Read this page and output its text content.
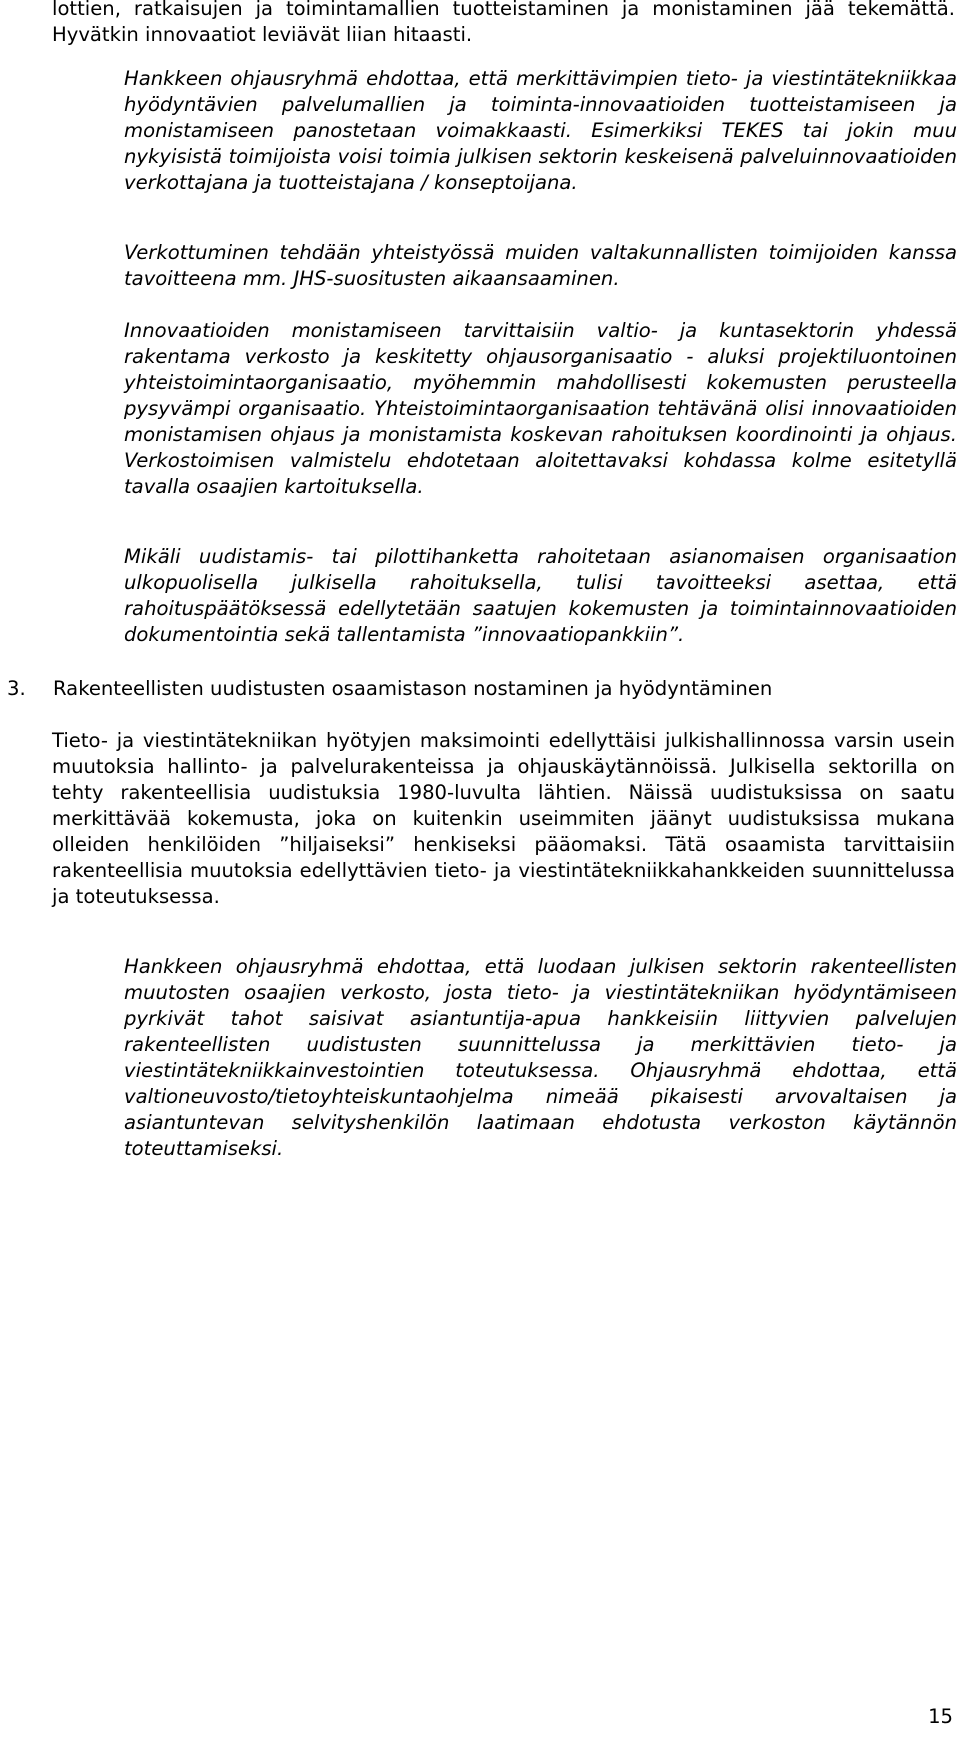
lottien, ratkaisujen ja toimintamallien tuotteistaminen ja monistaminen jää tekemättä. Hyvätkin innovaatiot leviävät liian hitaasti.

Hankkeen ohjausryhmä ehdottaa, että merkittävimpien tieto- ja viestintätekniikkaa hyödyntävien palvelumallien ja toiminta-innovaatioiden tuotteistamiseen ja monistamiseen panostetaan voimakkaasti. Esimerkiksi TEKES tai jokin muu nykyisistä toimijoista voisi toimia julkisen sektorin keskeisenä palveluinnovaatioiden verkottajana ja tuotteistajana / konseptoijana.

Verkottuminen tehdään yhteistyössä muiden valtakunnallisten toimijoiden kanssa tavoitteena mm. JHS-suositusten aikaansaaminen.

Innovaatioiden monistamiseen tarvittaisiin valtio- ja kuntasektorin yhdessä rakentama verkosto ja keskitetty ohjausorganisaatio - aluksi projektiluontoinen yhteistoimintaorganisaatio, myöhemmin mahdollisesti kokemusten perusteella pysyvämpi organisaatio. Yhteistoimintaorganisaation tehtävänä olisi innovaatioiden monistamisen ohjaus ja monistamista koskevan rahoituksen koordinointi ja ohjaus. Verkostoimisen valmistelu ehdotetaan aloitettavaksi kohdassa kolme esitetyllä tavalla osaajien kartoituksella.

Mikäli uudistamis- tai pilottihanketta rahoitetaan asianomaisen organisaation ulkopuolisella julkisella rahoituksella, tulisi tavoitteeksi asettaa, että rahoituspäätöksessä edellytetään saatujen kokemusten ja toimintainnovaatioiden dokumentointia sekä tallentamista ”innovaatiopankkiin”.

3. Rakenteellisten uudistusten osaamistason nostaminen ja hyödyntäminen

Tieto- ja viestintätekniikan hyötyjen maksimointi edellyttäisi julkishallinnossa varsin usein muutoksia hallinto- ja palvelurakenteissa ja ohjauskäytännöissä. Julkisella sektorilla on tehty rakenteellisia uudistuksia 1980-luvulta lähtien. Näissä uudistuksissa on saatu merkittävää kokemusta, joka on kuitenkin useimmiten jäänyt uudistuksissa mukana olleiden henkilöiden ”hiljaiseksi” henkiseksi pääomaksi. Tätä osaamista tarvittaisiin rakenteellisia muutoksia edellyttävien tieto- ja viestintätekniikkahankkeiden suunnittelussa ja toteutuksessa.

Hankkeen ohjausryhmä ehdottaa, että luodaan julkisen sektorin rakenteellisten muutosten osaajien verkosto, josta tieto- ja viestintätekniikan hyödyntämiseen pyrkivät tahot saisivat asiantuntija-apua hankkeisiin liittyvien palvelujen rakenteellisten uudistusten suunnittelussa ja merkittävien tieto- ja viestintätekniikkainvestointien toteutuksessa. Ohjausryhmä ehdottaa, että valtioneuvosto/tietoyhteiskuntaohjelma nimeää pikaisesti arvovaltaisen ja asiantuntevan selvityshenkilön laatimaan ehdotusta verkoston käytännön toteuttamiseksi.

15
